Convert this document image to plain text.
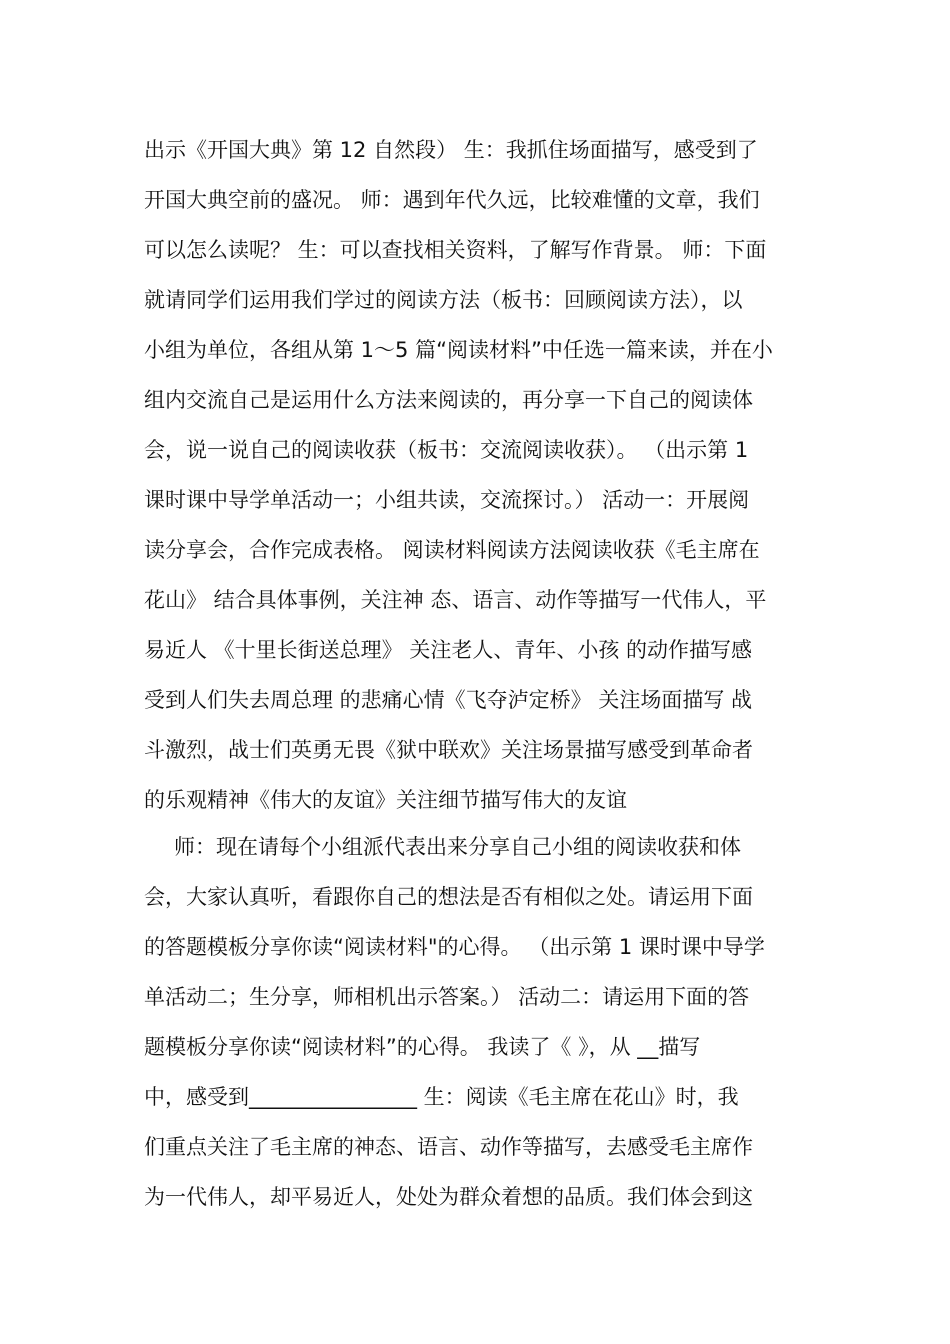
出示《开国大典》第 12 自然段） 生：我抓住场面描写，感受到了
开国大典空前的盛况。 师：遇到年代久远，比较难懂的文章，我们
可以怎么读呢？ 生：可以查找相关资料，了解写作背景。 师：下面
就请同学们运用我们学过的阅读方法（板书：回顾阅读方法），以
小组为单位，各组从第 1～5 篇“阅读材料”中任选一篇来读，并在小
组内交流自己是运用什么方法来阅读的，再分享一下自己的阅读体
会，说一说自己的阅读收获（板书：交流阅读收获）。 （出示第 1
课时课中导学单活动一；小组共读，交流探讨。） 活动一：开展阅
读分享会，合作完成表格。 阅读材料阅读方法阅读收获《毛主席在
花山》 结合具体事例，关注神 态、语言、动作等描写一代伟人，平
易近人 《十里长街送总理》 关注老人、青年、小孩 的动作描写感
受到人们失去周总理 的悲痛心情《飞夺泸定桥》 关注场面描写 战
斗激烈，战士们英勇无畏《狱中联欢》关注场景描写感受到革命者
的乐观精神《伟大的友谊》关注细节描写伟大的友谊
师：现在请每个小组派代表出来分享自己小组的阅读收获和体
会，大家认真听，看跟你自己的想法是否有相似之处。请运用下面
的答题模板分享你读“阅读材料"的心得。 （出示第 1 课时课中导学
单活动二；生分享，师相机出示答案。） 活动二：请运用下面的答
题模板分享你读“阅读材料”的心得。 我读了《 》，从 __描写
中，感受到________________ 生：阅读《毛主席在花山》时，我
们重点关注了毛主席的神态、语言、动作等描写，去感受毛主席作
为一代伟人，却平易近人，处处为群众着想的品质。我们体会到这
